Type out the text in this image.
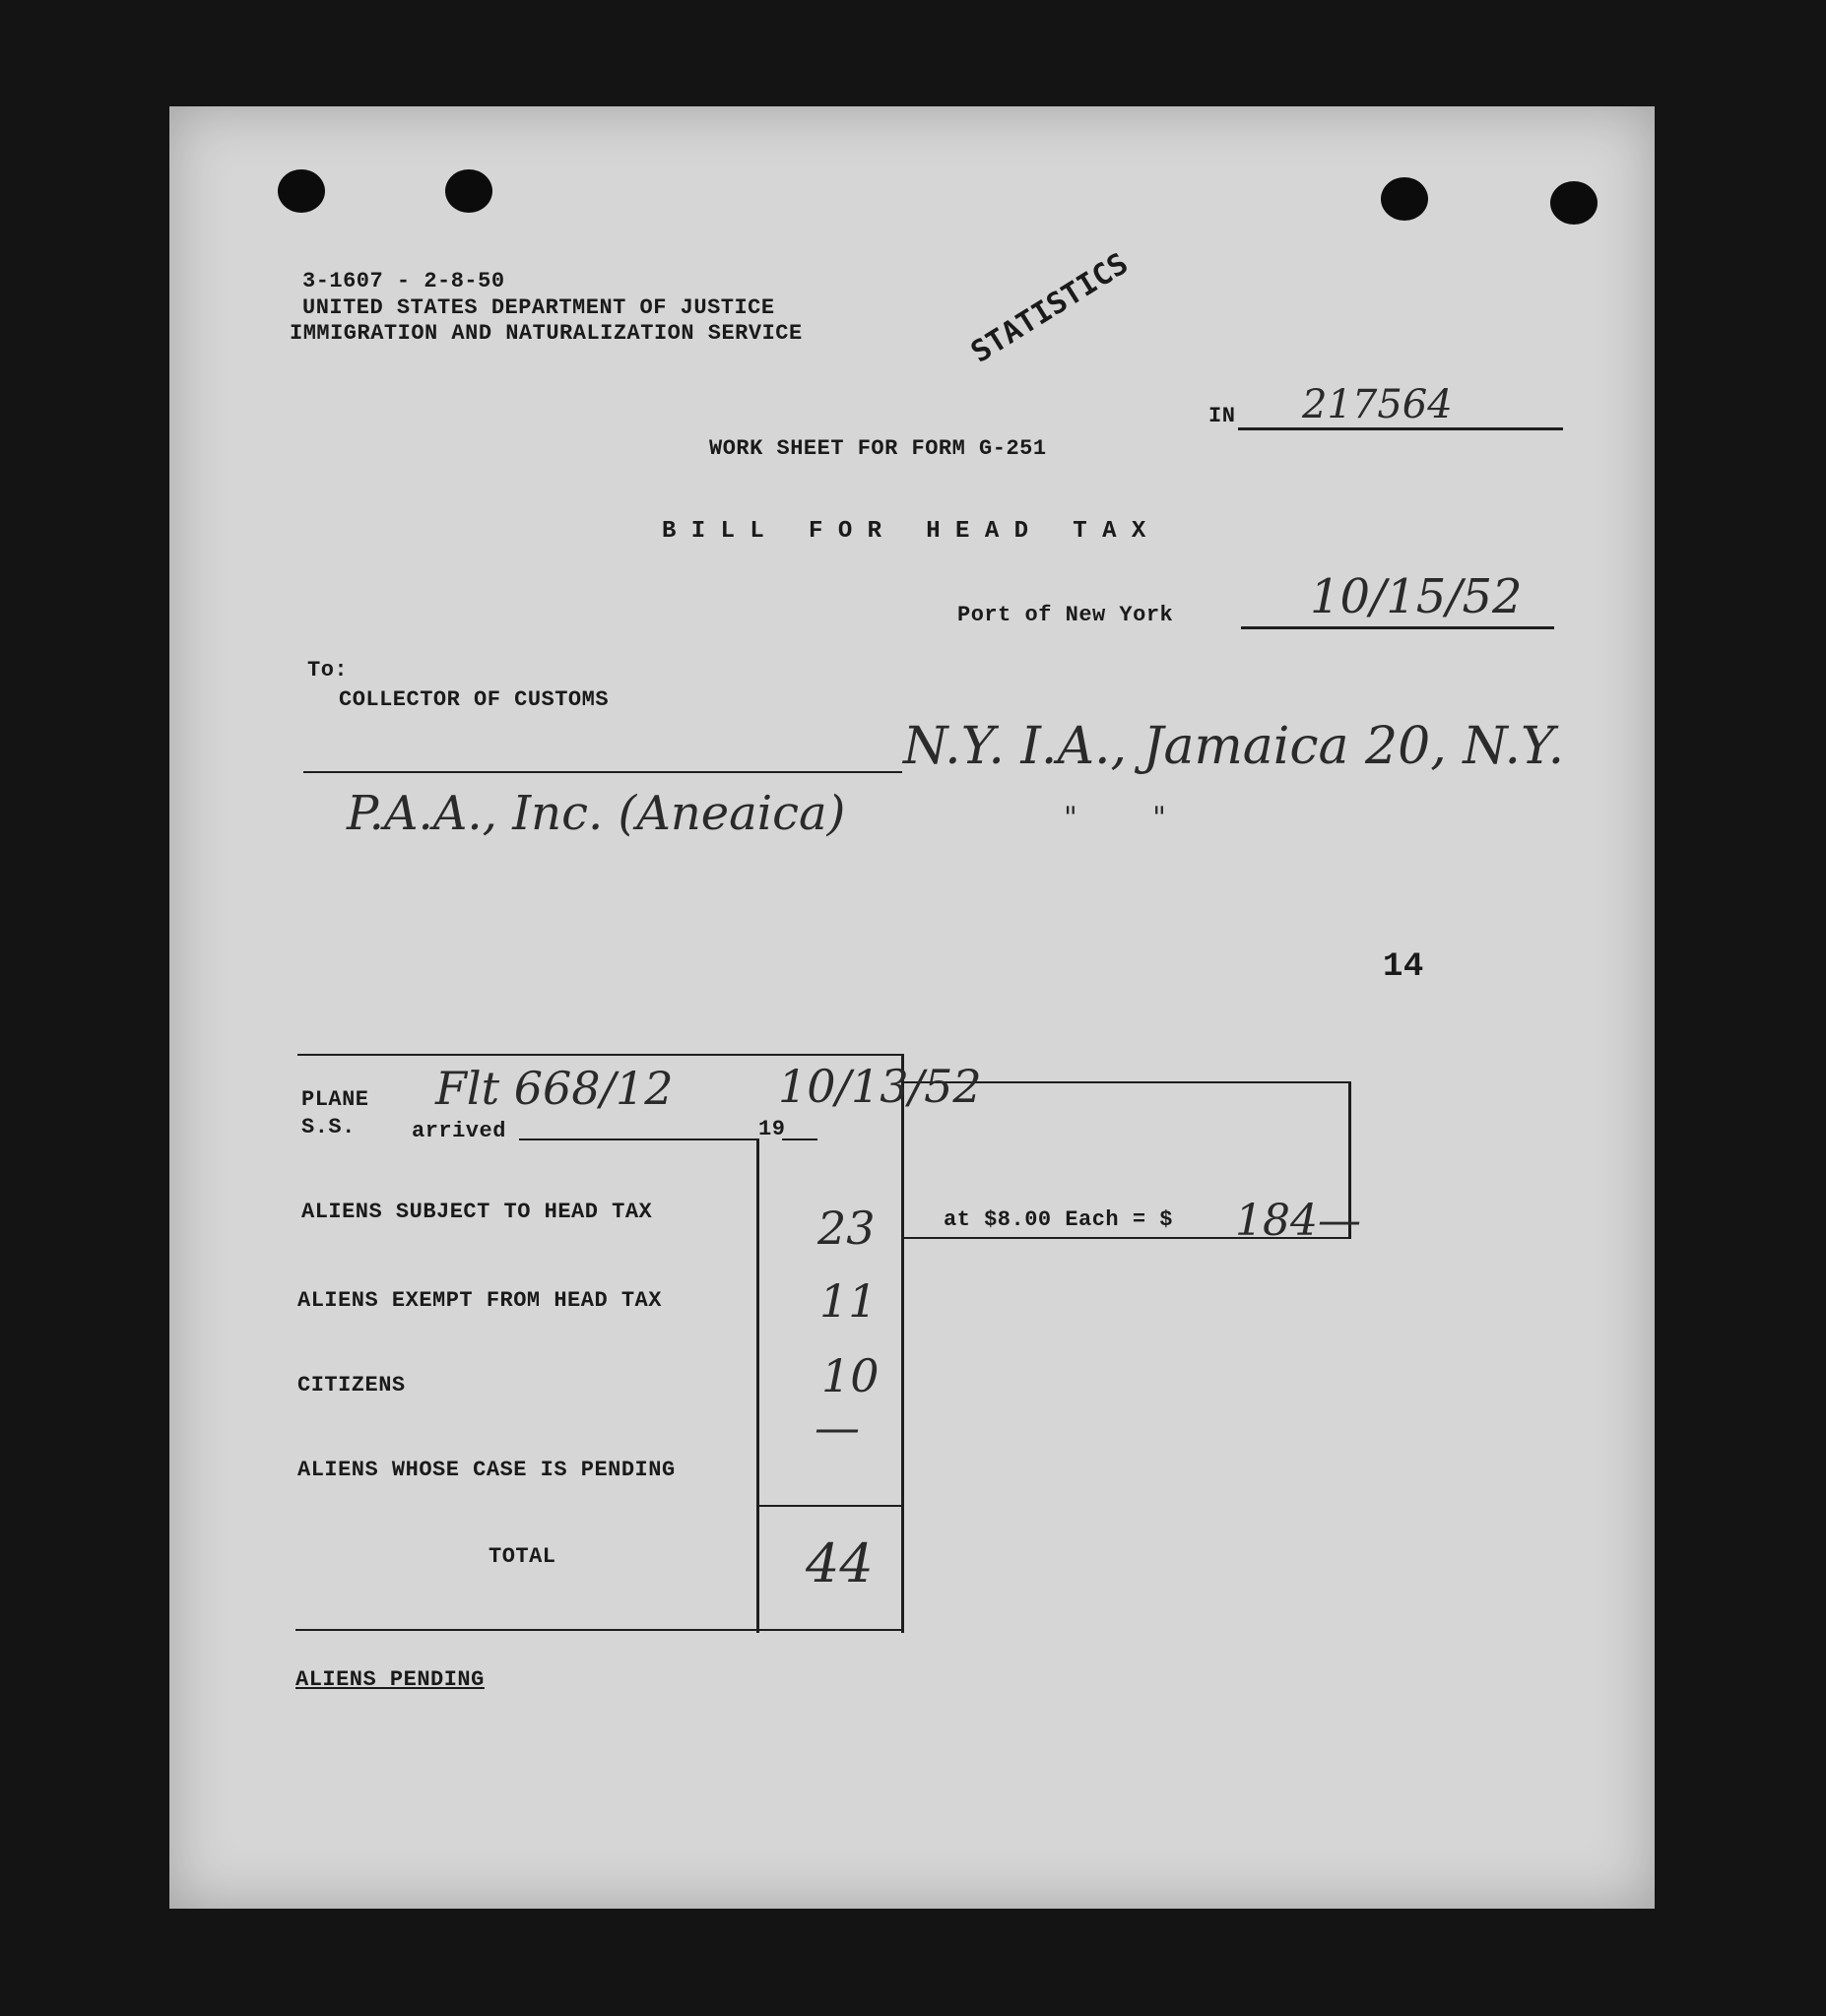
3-1607 - 2-8-50
UNITED STATES DEPARTMENT OF JUSTICE
IMMIGRATION AND NATURALIZATION SERVICE	STATISTICS
IN 217564
WORK SHEET FOR FORM G-251
B I L L   F O R   H E A D   T A X
Port of New York	10/15/52
To:
COLLECTOR OF CUSTOMS
N.Y. I.A., Jamaica 20, N.Y.
P.A.A., Inc. (Aneaica)	"        "
14
PLANE
S.S.	arrived
Flt 668/12
19
10/13/52
ALIENS SUBJECT TO HEAD TAX	23
ALIENS EXEMPT FROM HEAD TAX	11
CITIZENS	10
ALIENS WHOSE CASE IS PENDING
—
TOTAL	44
at $8.00 Each = $ 184—
ALIENS PENDING
